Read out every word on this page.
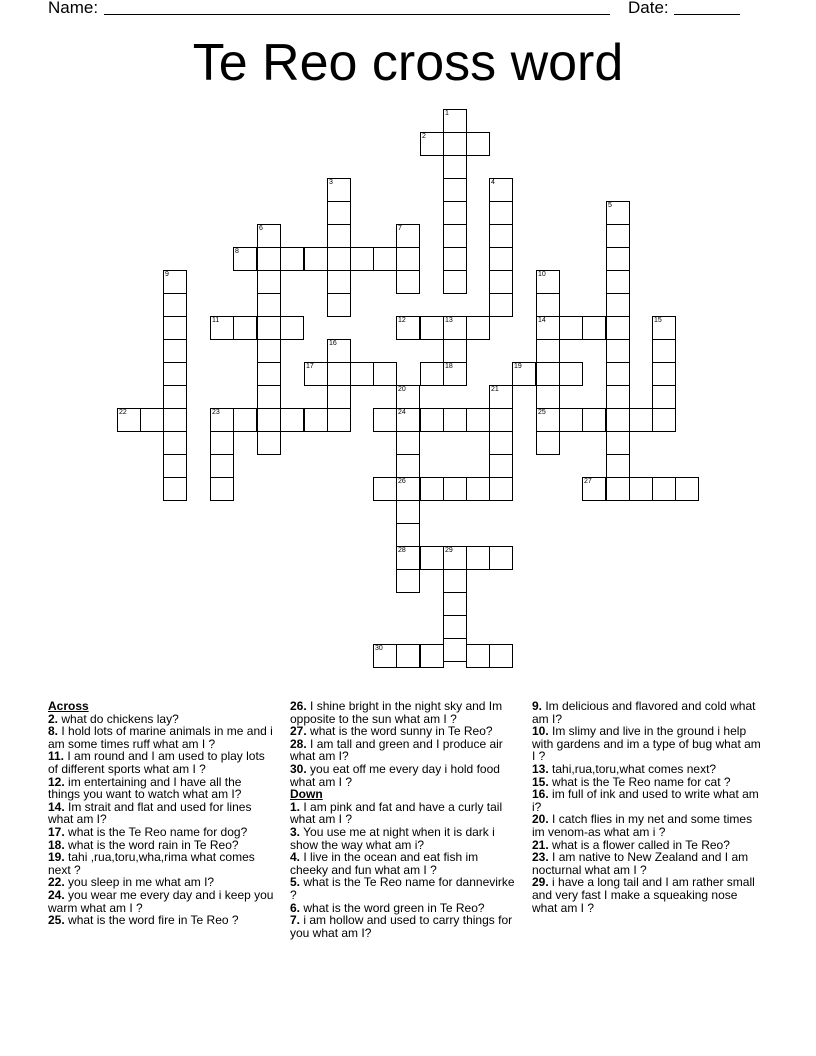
Name:	Date:
Te Reo cross word
1
2
3	4
5
6	7
8
9	10
14
25
11	12	13
18
15
16
17	19
20
24
26
28
21
22	23
27
29
30
Across
2. what do chickens lay?
8. I hold lots of marine animals in me and i am some times ruff what am I ?
11. I am round and I am used to play lots of different sports what am I ?
12. im entertaining and I have all the things you want to watch what am I?
14. Im strait and flat and used for lines what am I?
17. what is the Te Reo name for dog?
18. what is the word rain in Te Reo?
19. tahi ,rua,toru,wha,rima what comes next ?
22. you sleep in me what am I?
24. you wear me every day and i keep you warm what am I ?
25. what is the word fire in Te Reo ?
26. I shine bright in the night sky and Im opposite to the sun what am I ?
27. what is the word sunny in Te Reo?
28. I am tall and green and I produce air what am I?
30. you eat off me every day i hold food what am I ?
Down
1. I am pink and fat and have a curly tail what am I ?
3. You use me at night when it is dark i show the way what am i?
4. I live in the ocean and eat fish im cheeky and fun what am I ?
5. what is the Te Reo name for dannevirke ?
6. what is the word green in Te Reo?
7. i am hollow and used to carry things for you what am I?
9. Im delicious and flavored and cold what am I?
10. Im slimy and live in the ground i help with gardens and im a type of bug what am I ?
13. tahi,rua,toru,what comes next?
15. what is the Te Reo name for cat ?
16. im full of ink and used to write what am i?
20. I catch flies in my net and some times im venom-as what am i ?
21. what is a flower called in Te Reo?
23. I am native to New Zealand and I am nocturnal what am I ?
29. i have a long tail and I am rather small and very fast I make a squeaking nose what am I ?
